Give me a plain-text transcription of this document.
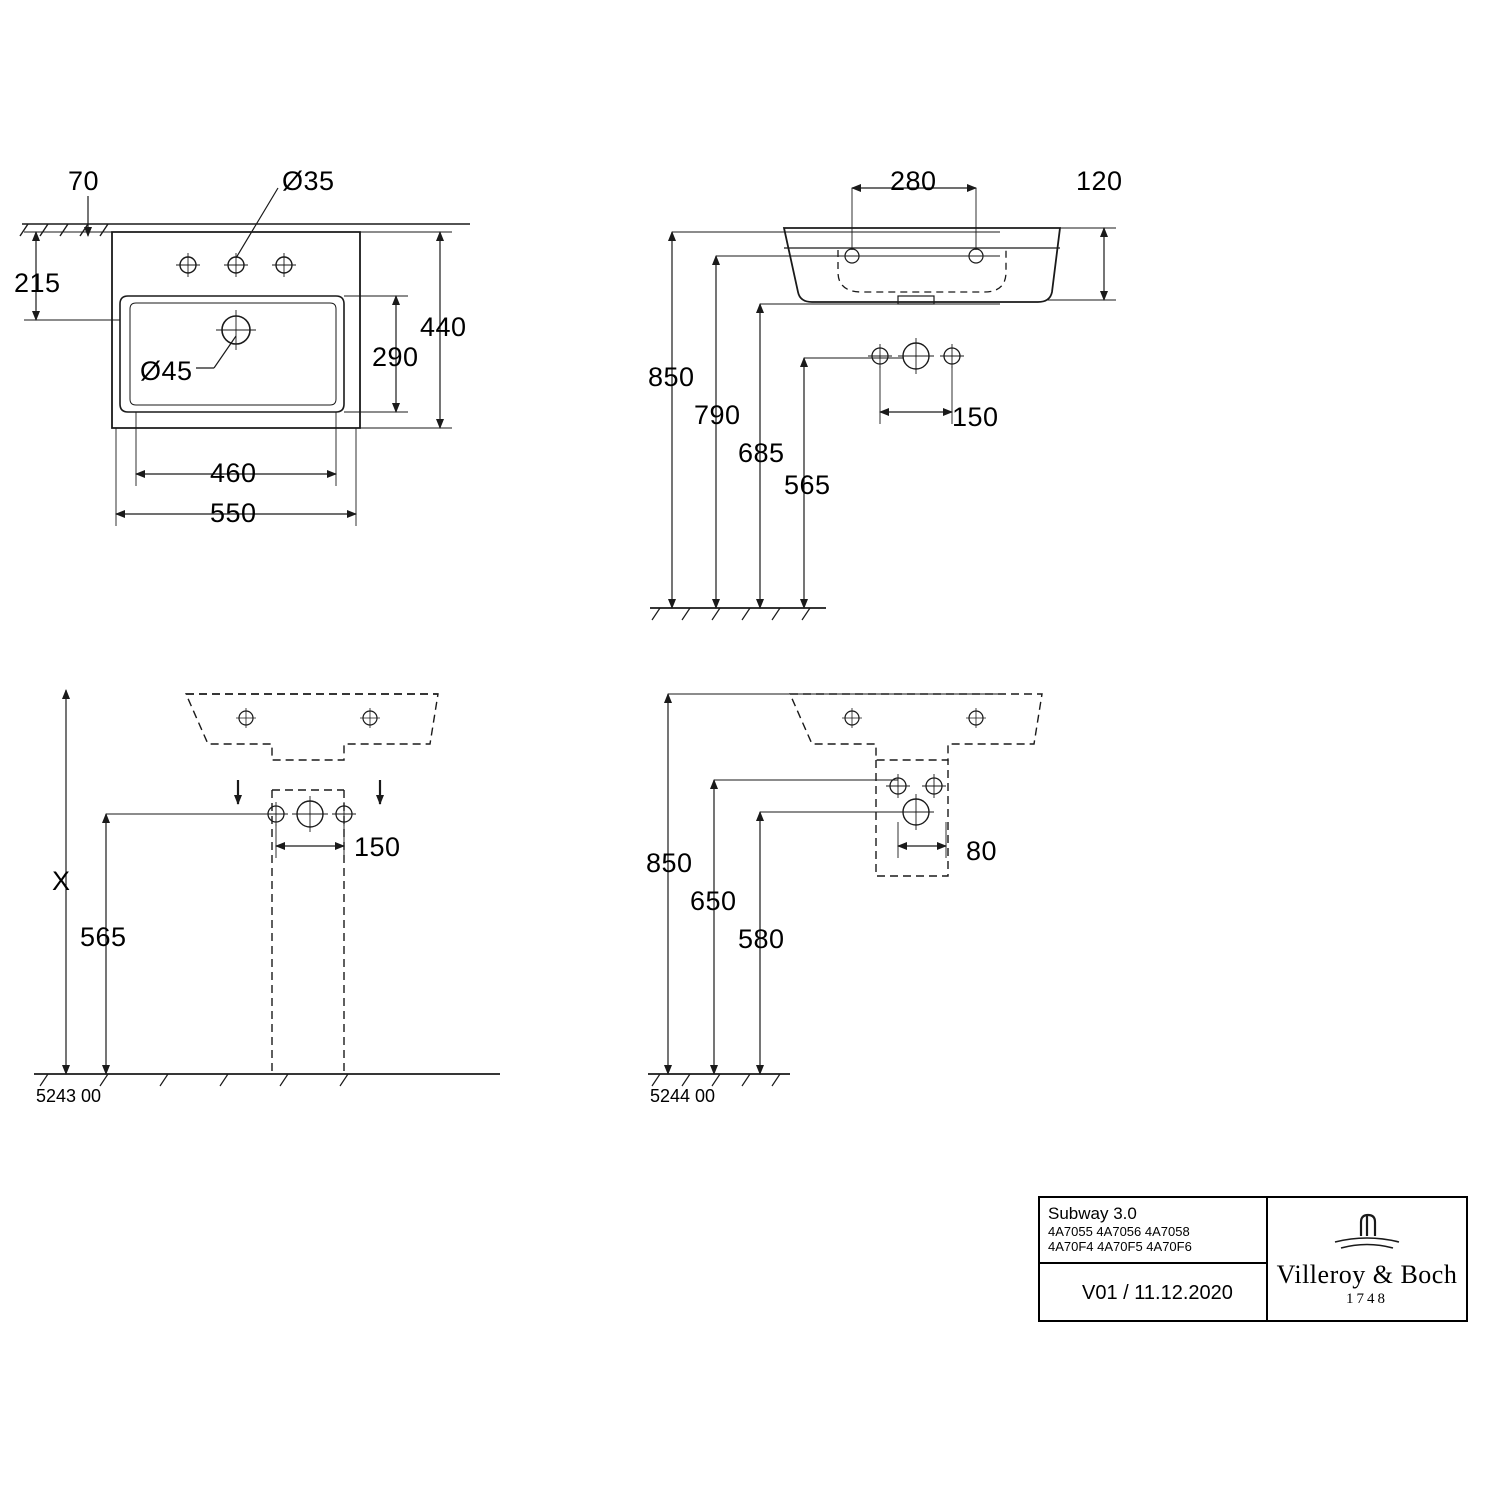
70	Ø35
215
Ø45
440
290
460
550
280	120
850
790
685
565
150
150
X
565
80
850
650
580
5243 00	5244 00
Subway 3.0
4A7055 4A7056 4A7058
4A70F4 4A70F5 4A70F6
V01 / 11.12.2020
Villeroy & Boch
1748
